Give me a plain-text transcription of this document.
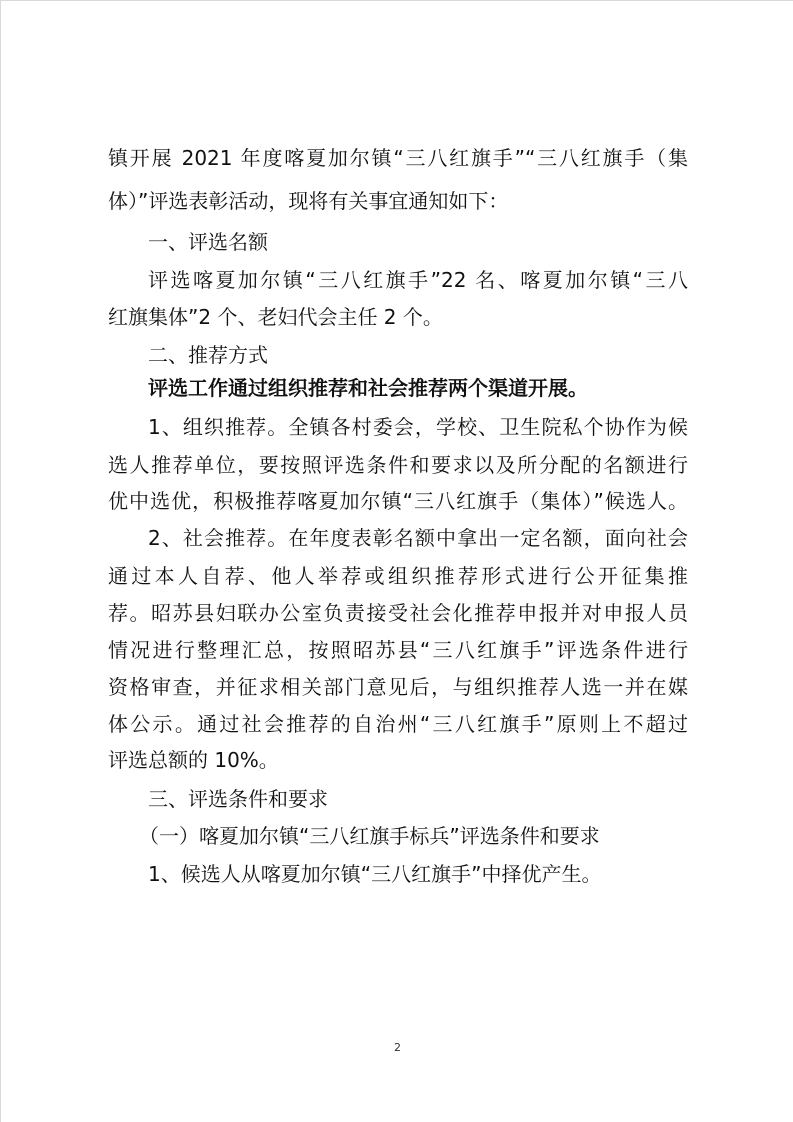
镇开展 2021 年度喀夏加尔镇“三八红旗手”“三八红旗手（集
体）”评选表彰活动，现将有关事宜通知如下：
一、评选名额
评选喀夏加尔镇“三八红旗手”22 名、喀夏加尔镇“三八
红旗集体”2 个、老妇代会主任 2 个。
二、推荐方式
评选工作通过组织推荐和社会推荐两个渠道开展。
1、组织推荐。全镇各村委会，学校、卫生院私个协作为候
选人推荐单位，要按照评选条件和要求以及所分配的名额进行
优中选优，积极推荐喀夏加尔镇“三八红旗手（集体）”候选人。
2、社会推荐。在年度表彰名额中拿出一定名额，面向社会
通过本人自荐、他人举荐或组织推荐形式进行公开征集推
荐。昭苏县妇联办公室负责接受社会化推荐申报并对申报人员
情况进行整理汇总，按照昭苏县“三八红旗手”评选条件进行
资格审查，并征求相关部门意见后，与组织推荐人选一并在媒
体公示。通过社会推荐的自治州“三八红旗手”原则上不超过
评选总额的 10%。
三、评选条件和要求
（一）喀夏加尔镇“三八红旗手标兵”评选条件和要求
1、候选人从喀夏加尔镇“三八红旗手”中择优产生。
2
